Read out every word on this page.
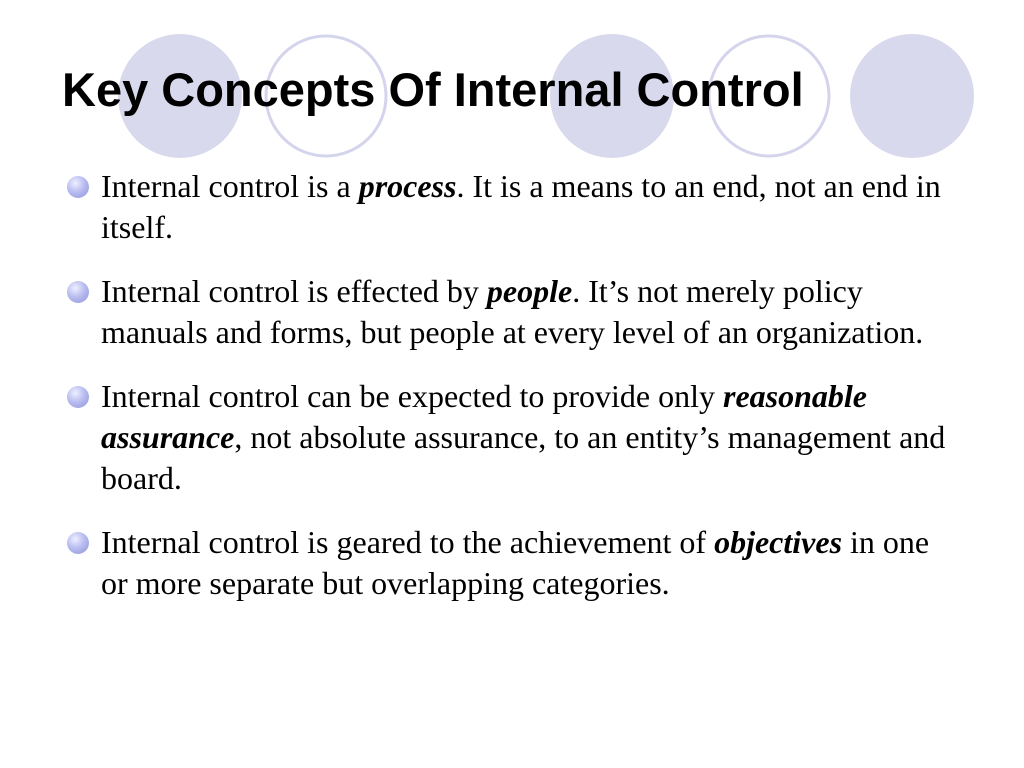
Key Concepts Of Internal Control
Internal control is a process. It is a means to an end, not an end in itself.
Internal control is effected by people. It’s not merely policy manuals and forms, but people at every level of an organization.
Internal control can be expected to provide only reasonable assurance, not absolute assurance, to an entity’s management and board.
Internal control is geared to the achievement of objectives in one or more separate but overlapping categories.
